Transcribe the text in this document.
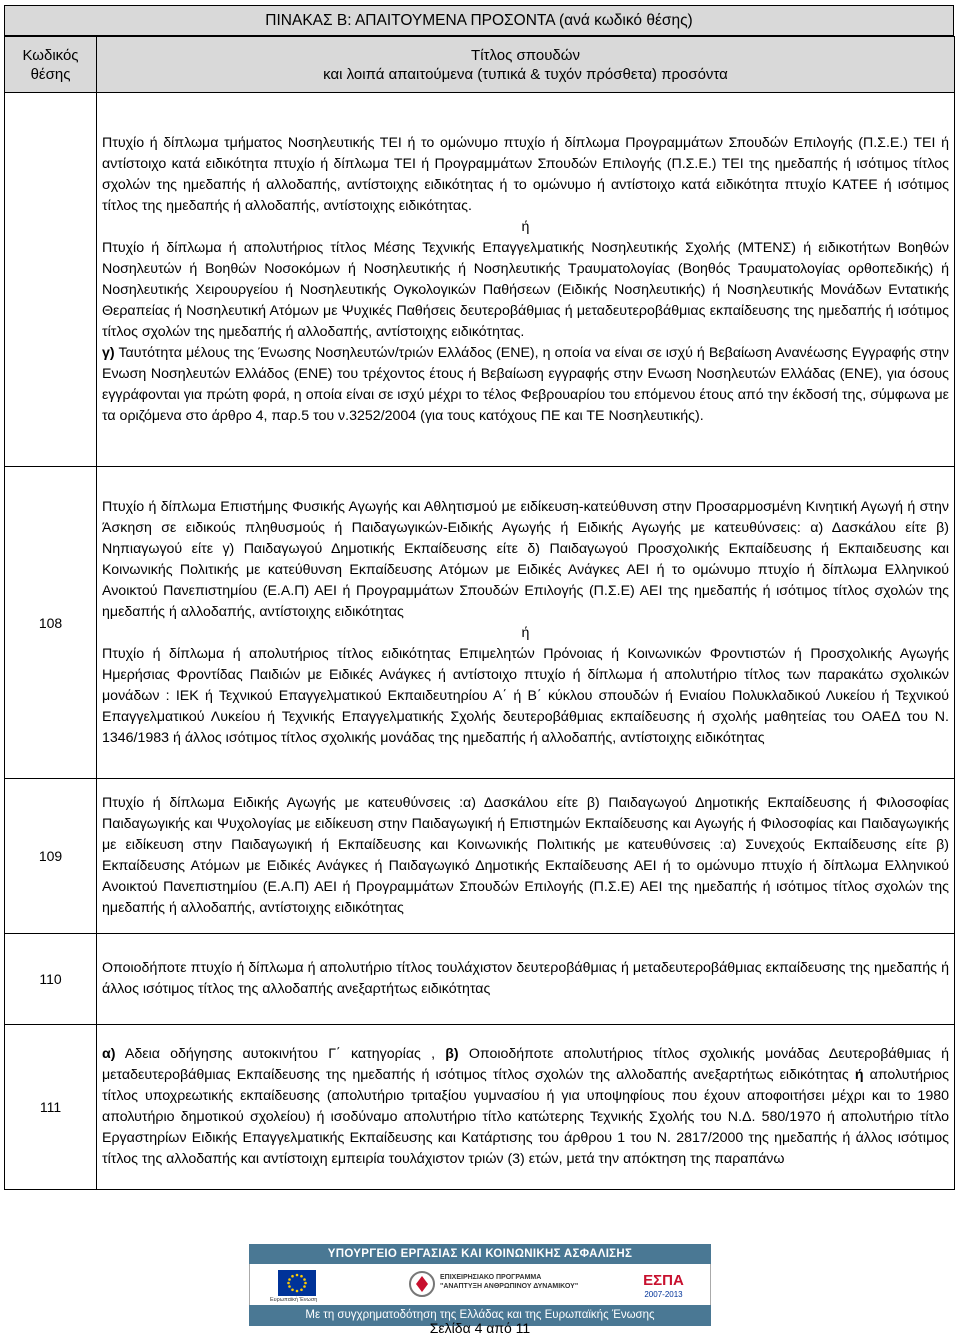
ΠΙΝΑΚΑΣ Β: ΑΠΑΙΤΟΥΜΕΝΑ ΠΡΟΣΟΝΤΑ (ανά κωδικό θέσης)
Κωδικός θέσης	Τίτλος σπουδών
και λοιπά απαιτούμενα (τυπικά & τυχόν πρόσθετα) προσόντα

	Πτυχίο ή δίπλωμα τμήματος Νοσηλευτικής ΤΕΙ ή το ομώνυμο πτυχίο ή δίπλωμα Προγραμμάτων Σπουδών Επιλογής (Π.Σ.Ε.) ΤΕΙ ή αντίστοιχο κατά ειδικότητα πτυχίο ή δίπλωμα ΤΕΙ ή Προγραμμάτων Σπουδών Επιλογής (Π.Σ.Ε.) ΤΕΙ της ημεδαπής ή ισότιμος τίτλος σχολών της ημεδαπής ή αλλοδαπής, αντίστοιχης ειδικότητας ή το ομώνυμο ή αντίστοιχο κατά ειδικότητα πτυχίο ΚΑΤΕΕ ή ισότιμος τίτλος της ημεδαπής ή αλλοδαπής, αντίστοιχης ειδικότητας.

ή

Πτυχίο ή δίπλωμα ή απολυτήριος τίτλος Μέσης Τεχνικής Επαγγελματικής Νοσηλευτικής Σχολής (ΜΤΕΝΣ) ή ειδικοτήτων Βοηθών Νοσηλευτών ή Βοηθών Νοσοκόμων ή Νοσηλευτικής ή Νοσηλευτικής Τραυματολογίας (Βοηθός Τραυματολογίας ορθοπεδικής) ή Νοσηλευτικής Χειρουργείου ή Νοσηλευτικής Ογκολογικών Παθήσεων (Ειδικής Νοσηλευτικής) ή Νοσηλευτικής Μονάδων Εντατικής Θεραπείας ή Νοσηλευτική Ατόμων με Ψυχικές Παθήσεις δευτεροβάθμιας ή μεταδευτεροβάθμιας εκπαίδευσης της ημεδαπής ή ισότιμος τίτλος σχολών της ημεδαπής ή αλλοδαπής, αντίστοιχης ειδικότητας.

γ) Ταυτότητα μέλους της Ένωσης Νοσηλευτών/τριών Ελλάδος (ΕΝΕ), η οποία να είναι σε ισχύ ή Βεβαίωση Ανανέωσης Εγγραφής στην Ενωση Νοσηλευτών Ελλάδος (ΕΝΕ) του τρέχοντος έτους ή Βεβαίωση εγγραφής στην Ενωση Νοσηλευτών Ελλάδας (ΕΝΕ), για όσους εγγράφονται για πρώτη φορά, η οποία είναι σε ισχύ μέχρι το τέλος Φεβρουαρίου του επόμενου έτους από την έκδοσή της, σύμφωνα με τα οριζόμενα στο άρθρο 4, παρ.5 του ν.3252/2004 (για τους κατόχους ΠΕ και ΤΕ Νοσηλευτικής).

108	Πτυχίο ή δίπλωμα Επιστήμης Φυσικής Αγωγής και Αθλητισμού με ειδίκευση-κατεύθυνση στην Προσαρμοσμένη Κινητική Αγωγή ή στην Άσκηση σε ειδικούς πληθυσμούς ή Παιδαγωγικών-Ειδικής Αγωγής ή Ειδικής Αγωγής με κατευθύνσεις: α) Δασκάλου είτε β) Νηπιαγωγού είτε γ) Παιδαγωγού Δημοτικής Εκπαίδευσης είτε δ) Παιδαγωγού Προσχολικής Εκπαίδευσης ή Εκπαιδευσης και Κοινωνικής Πολιτικής με κατεύθυνση Εκπαίδευσης Ατόμων με Ειδικές Ανάγκες ΑΕΙ ή το ομώνυμο πτυχίο ή δίπλωμα Ελληνικού Ανοικτού Πανεπιστημίου (Ε.Α.Π) ΑΕΙ ή Προγραμμάτων Σπουδών Επιλογής (Π.Σ.Ε) ΑΕΙ της ημεδαπής ή ισότιμος τίτλος σχολών της ημεδαπής ή αλλοδαπής, αντίστοιχης ειδικότητας

ή

Πτυχίο ή δίπλωμα ή απολυτήριος τίτλος ειδικότητας Επιμελητών Πρόνοιας ή Κοινωνικών Φροντιστών ή Προσχολικής Αγωγής Ημερήσιας Φροντίδας Παιδιών με Ειδικές Ανάγκες ή αντίστοιχο πτυχίο ή δίπλωμα ή απολυτήριο τίτλος των παρακάτω σχολικών μονάδων : ΙΕΚ ή Τεχνικού Επαγγελματικού Εκπαιδευτηρίου Α΄ ή Β΄ κύκλου σπουδών ή Ενιαίου Πολυκλαδικού Λυκείου ή Τεχνικού Επαγγελματικού Λυκείου ή Τεχνικής Επαγγελματικής Σχολής δευτεροβάθμιας εκπαίδευσης ή σχολής μαθητείας του ΟΑΕΔ του Ν. 1346/1983 ή άλλος ισότιμος τίτλος σχολικής μονάδας της ημεδαπής ή αλλοδαπής, αντίστοιχης ειδικότητας

109	Πτυχίο ή δίπλωμα Ειδικής Αγωγής με κατευθύνσεις :α) Δασκάλου είτε β) Παιδαγωγού Δημοτικής Εκπαίδευσης ή Φιλοσοφίας Παιδαγωγικής και Ψυχολογίας με ειδίκευση στην Παιδαγωγική ή Επιστημών Εκπαίδευσης και Αγωγής ή Φιλοσοφίας και Παιδαγωγικής με ειδίκευση στην Παιδαγωγική ή Εκπαίδευσης και Κοινωνικής Πολιτικής με κατευθύνσεις :α) Συνεχούς Εκπαίδευσης είτε β) Εκπαίδευσης Ατόμων με Ειδικές Ανάγκες ή Παιδαγωγικό Δημοτικής Εκπαίδευσης ΑΕΙ ή το ομώνυμο πτυχίο ή δίπλωμα Ελληνικού Ανοικτού Πανεπιστημίου (Ε.Α.Π) ΑΕΙ ή Προγραμμάτων Σπουδών Επιλογής (Π.Σ.Ε) ΑΕΙ της ημεδαπής ή ισότιμος τίτλος σχολών της ημεδαπής ή αλλοδαπής, αντίστοιχης ειδικότητας

110	Οποιοδήποτε πτυχίο ή δίπλωμα ή απολυτήριο τίτλος τουλάχιστον δευτεροβάθμιας ή μεταδευτεροβάθμιας εκπαίδευσης της ημεδαπής ή άλλος ισότιμος τίτλος της αλλοδαπής ανεξαρτήτως ειδικότητας

111	α) Αδεια οδήγησης αυτοκινήτου Γ΄ κατηγορίας , β) Οποιοδήποτε απολυτήριος τίτλος σχολικής μονάδας Δευτεροβάθμιας ή μεταδευτεροβάθμιας Εκπαίδευσης της ημεδαπής ή ισότιμος τίτλος σχολών της αλλοδαπής ανεξαρτήτως ειδικότητας ή απολυτήριος τίτλος υποχρεωτικής εκπαίδευσης (απολυτήριο τριταξίου γυμνασίου ή για υποψηφίους που έχουν αποφοιτήσει μέχρι και το 1980 απολυτήριο δημοτικού σχολείου) ή ισοδύναμο απολυτήριο τίτλο κατώτερης Τεχνικής Σχολής του Ν.Δ. 580/1970 ή απολυτήριο τίτλο Εργαστηρίων Ειδικής Επαγγελματικής Εκπαίδευσης και Κατάρτισης του άρθρου 1 του Ν. 2817/2000 της ημεδαπής ή άλλος ισότιμος τίτλος της αλλοδαπής και αντίστοιχη εμπειρία τουλάχιστον τριών (3) ετών, μετά την απόκτηση της παραπάνω

ΥΠΟΥΡΓΕΙΟ ΕΡΓΑΣΙΑΣ ΚΑΙ ΚΟΙΝΩΝΙΚΗΣ ΑΣΦΑΛΙΣΗΣ
Ευρωπαϊκή Ένωση
ΕΠΙΧΕΙΡΗΣΙΑΚΟ ΠΡΟΓΡΑΜΜΑ
"ΑΝΑΠΤΥΞΗ ΑΝΘΡΩΠΙΝΟΥ ΔΥΝΑΜΙΚΟΥ"	ΕΣΠΑ
2007-2013
Με τη συγχρηματοδότηση της Ελλάδας και της Ευρωπαϊκής Ένωσης
Σελίδα 4 από 11
